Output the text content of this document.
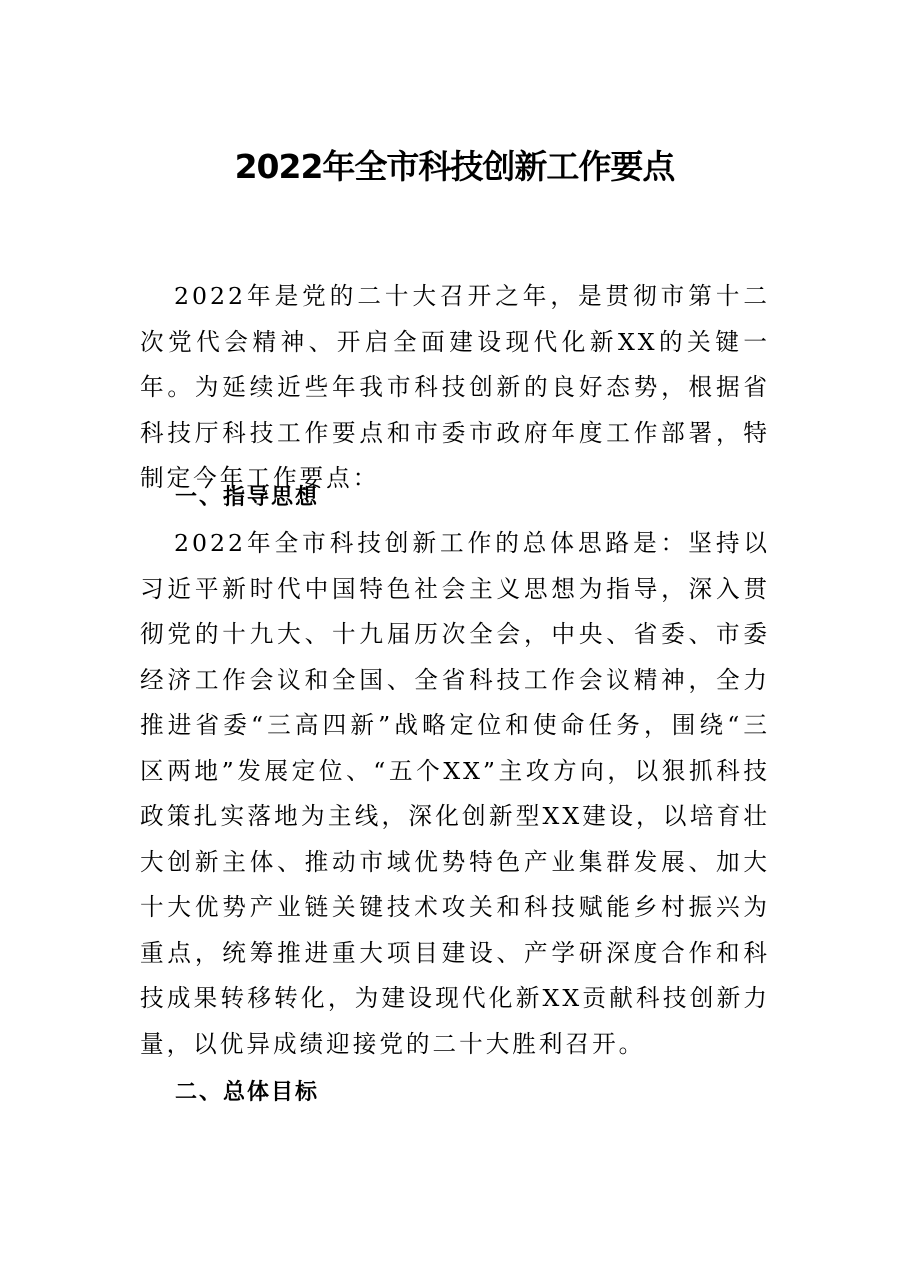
2022年全市科技创新工作要点

2022年是党的二十大召开之年，是贯彻市第十二次党代会精神、开启全面建设现代化新XX的关键一年。为延续近些年我市科技创新的良好态势，根据省科技厅科技工作要点和市委市政府年度工作部署，特制定今年工作要点：

一、指导思想

2022年全市科技创新工作的总体思路是：坚持以习近平新时代中国特色社会主义思想为指导，深入贯彻党的十九大、十九届历次全会，中央、省委、市委经济工作会议和全国、全省科技工作会议精神，全力推进省委“三高四新”战略定位和使命任务，围绕“三区两地”发展定位、“五个XX”主攻方向，以狠抓科技政策扎实落地为主线，深化创新型XX建设，以培育壮大创新主体、推动市域优势特色产业集群发展、加大十大优势产业链关键技术攻关和科技赋能乡村振兴为重点，统筹推进重大项目建设、产学研深度合作和科技成果转移转化，为建设现代化新XX贡献科技创新力量，以优异成绩迎接党的二十大胜利召开。

二、总体目标
